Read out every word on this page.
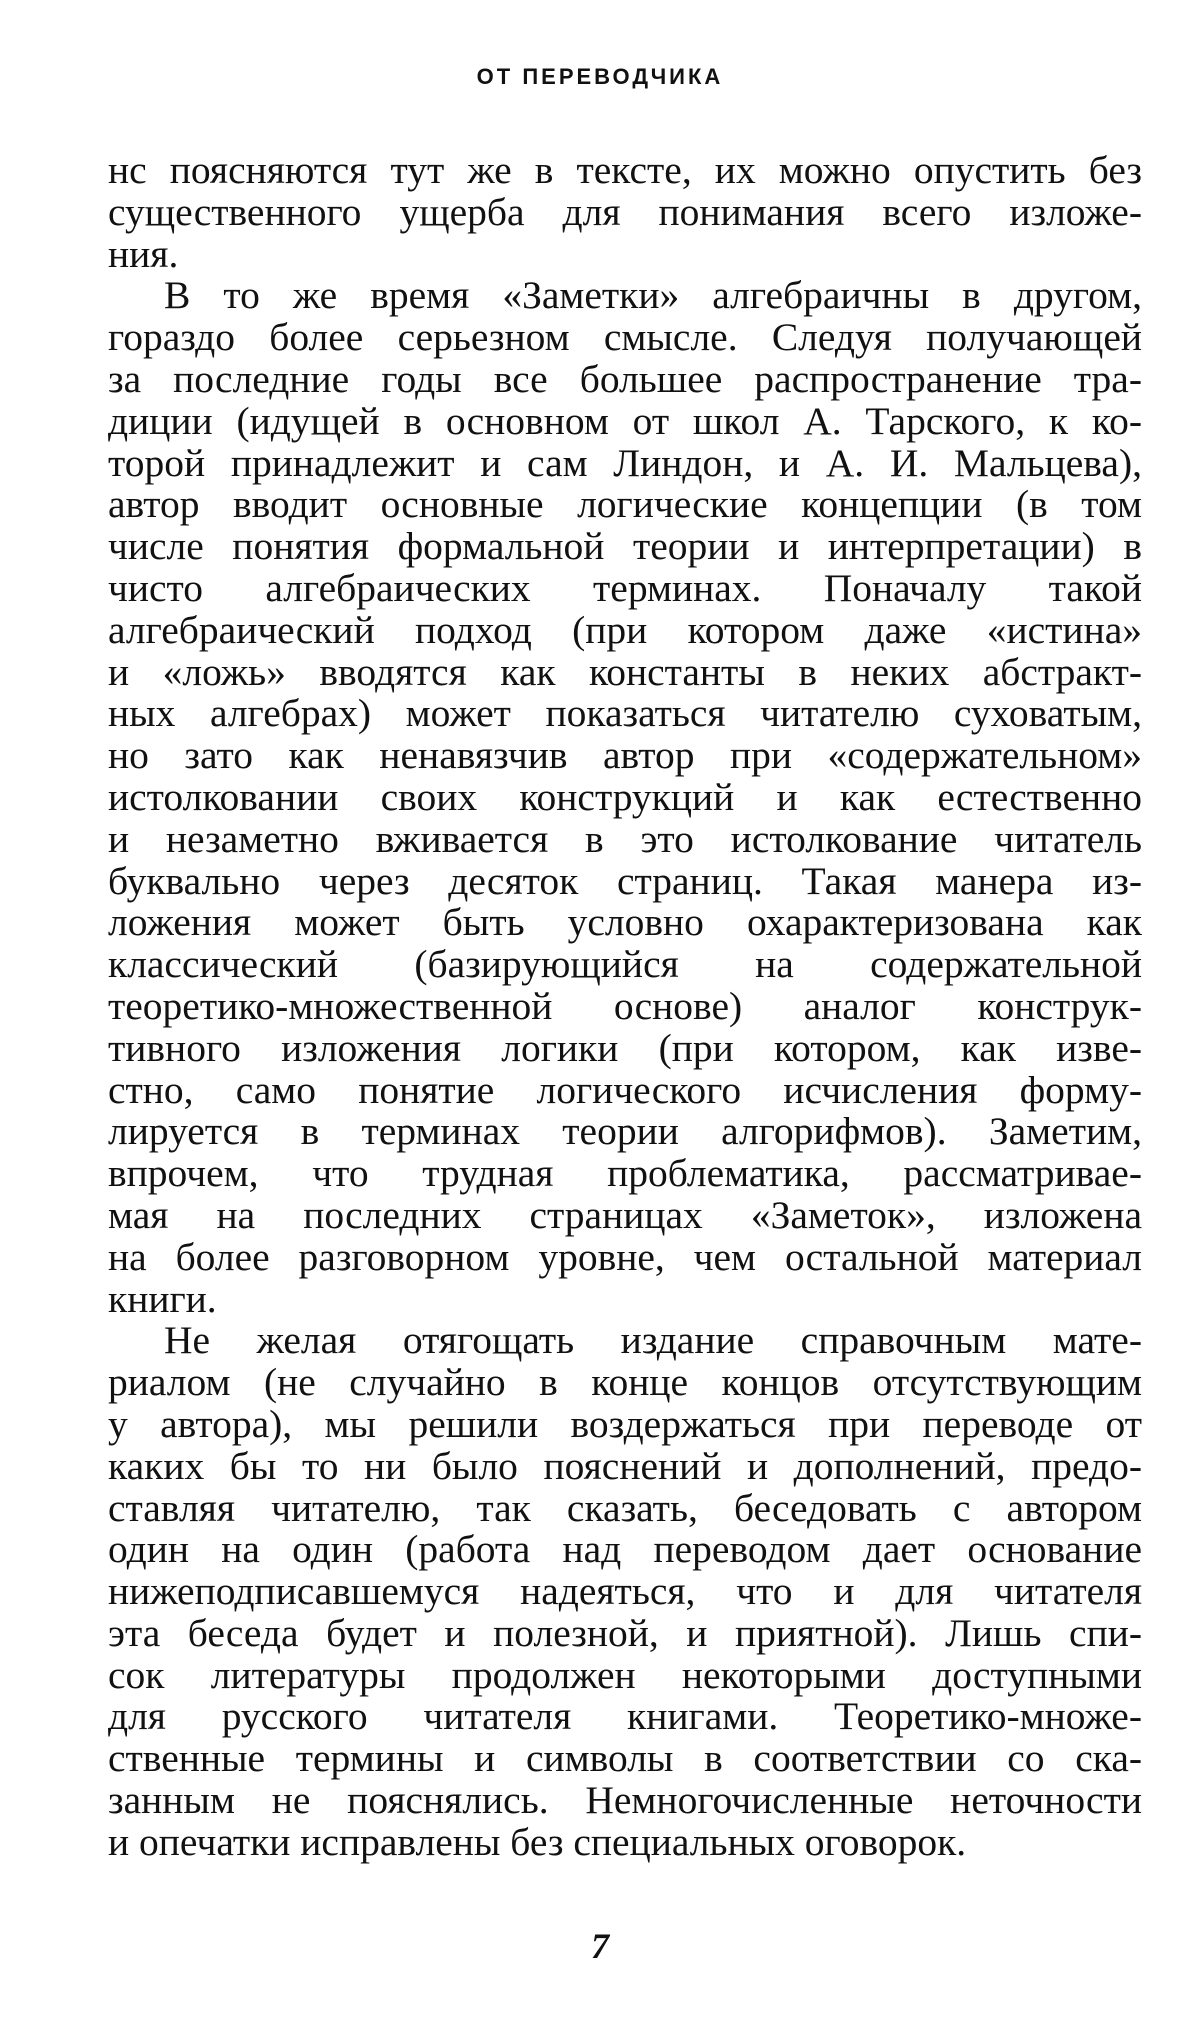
ОТ ПЕРЕВОДЧИКА
нс поясняются тут же в тексте, их можно опустить без
существенного ущерба для понимания всего изложе-
ния.
В то же время «Заметки» алгебраичны в другом,
гораздо более серьезном смысле. Следуя получающей
за последние годы все большее распространение тра-
диции (идущей в основном от школ А. Тарского, к ко-
торой принадлежит и сам Линдон, и А. И. Мальцева),
автор вводит основные логические концепции (в том
числе понятия формальной теории и интерпретации) в
чисто алгебраических терминах. Поначалу такой
алгебраический подход (при котором даже «истина»
и «ложь» вводятся как константы в неких абстракт-
ных алгебрах) может показаться читателю суховатым,
но зато как ненавязчив автор при «содержательном»
истолковании своих конструкций и как естественно
и незаметно вживается в это истолкование читатель
буквально через десяток страниц. Такая манера из-
ложения может быть условно охарактеризована как
классический (базирующийся на содержательной
теоретико-множественной основе) аналог конструк-
тивного изложения логики (при котором, как изве-
стно, само понятие логического исчисления форму-
лируется в терминах теории алгорифмов). Заметим,
впрочем, что трудная проблематика, рассматривае-
мая на последних страницах «Заметок», изложена
на более разговорном уровне, чем остальной материал
книги.
Не желая отягощать издание справочным мате-
риалом (не случайно в конце концов отсутствующим
у автора), мы решили воздержаться при переводе от
каких бы то ни было пояснений и дополнений, предо-
ставляя читателю, так сказать, беседовать с автором
один на один (работа над переводом дает основание
нижеподписавшемуся надеяться, что и для читателя
эта беседа будет и полезной, и приятной). Лишь спи-
сок литературы продолжен некоторыми доступными
для русского читателя книгами. Теоретико-множе-
ственные термины и символы в соответствии со ска-
занным не пояснялись. Немногочисленные неточности
и опечатки исправлены без специальных оговорок.
7
